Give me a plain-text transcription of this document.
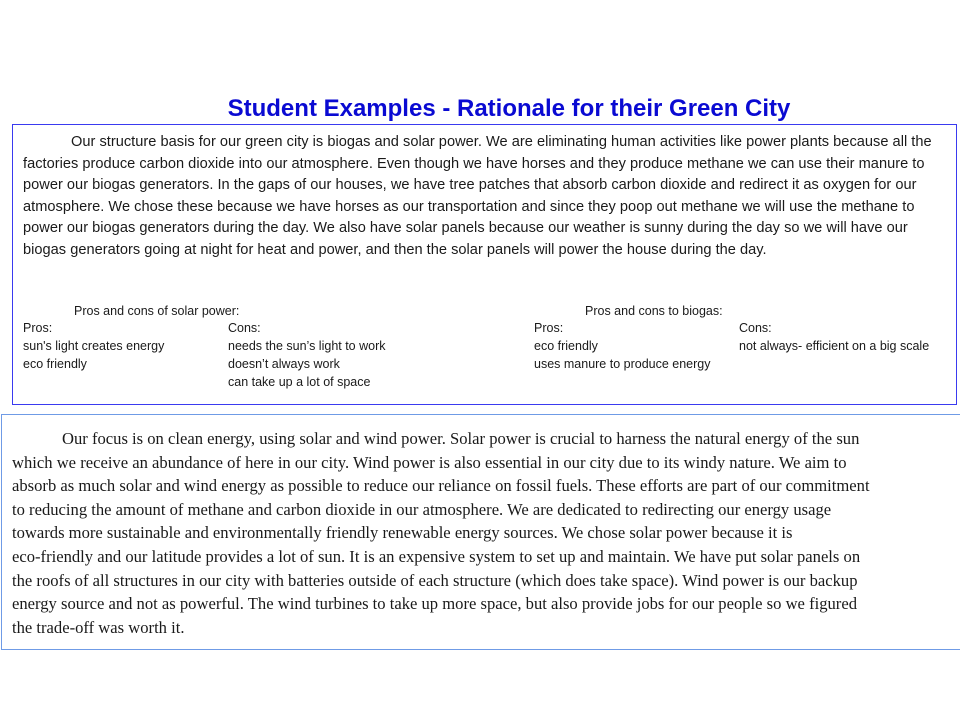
Student Examples - Rationale for their Green City

Our structure basis for our green city is biogas and solar power. We are eliminating human activities like power plants because all the factories produce carbon dioxide into our atmosphere. Even though we have horses and they produce methane we can use their manure to power our biogas generators. In the gaps of our houses, we have tree patches that absorb carbon dioxide and redirect it as oxygen for our atmosphere. We chose these because we have horses as our transportation and since they poop out methane we will use the methane to power our biogas generators during the day. We also have solar panels because our weather is sunny during the day so we will have our biogas generators going at night for heat and power, and then the solar panels will power the house during the day.

Pros and cons of solar power:

Pros:	Cons:

sun's light creates energy

eco friendly

needs the sun’s light to work

doesn’t always work

can take up a lot of space

Pros and cons to biogas:

Pros:	Cons:

eco friendly

uses manure to produce energy

not always- efficient on a big scale

Our focus is on clean energy, using solar and wind power. Solar power is crucial to harness the natural energy of the sun
which we receive an abundance of here in our city. Wind power is also essential in our city due to its windy nature. We aim to
absorb as much solar and wind energy as possible to reduce our reliance on fossil fuels. These efforts are part of our commitment
to reducing the amount of methane and carbon dioxide in our atmosphere. We are dedicated to redirecting our energy usage
towards more sustainable and environmentally friendly renewable energy sources. We chose solar power because it is
eco-friendly and our latitude provides a lot of sun. It is an expensive system to set up and maintain. We have put solar panels on
the roofs of all structures in our city with batteries outside of each structure (which does take space). Wind power is our backup
energy source and not as powerful. The wind turbines to take up more space, but also provide jobs for our people so we figured
the trade-off was worth it.
